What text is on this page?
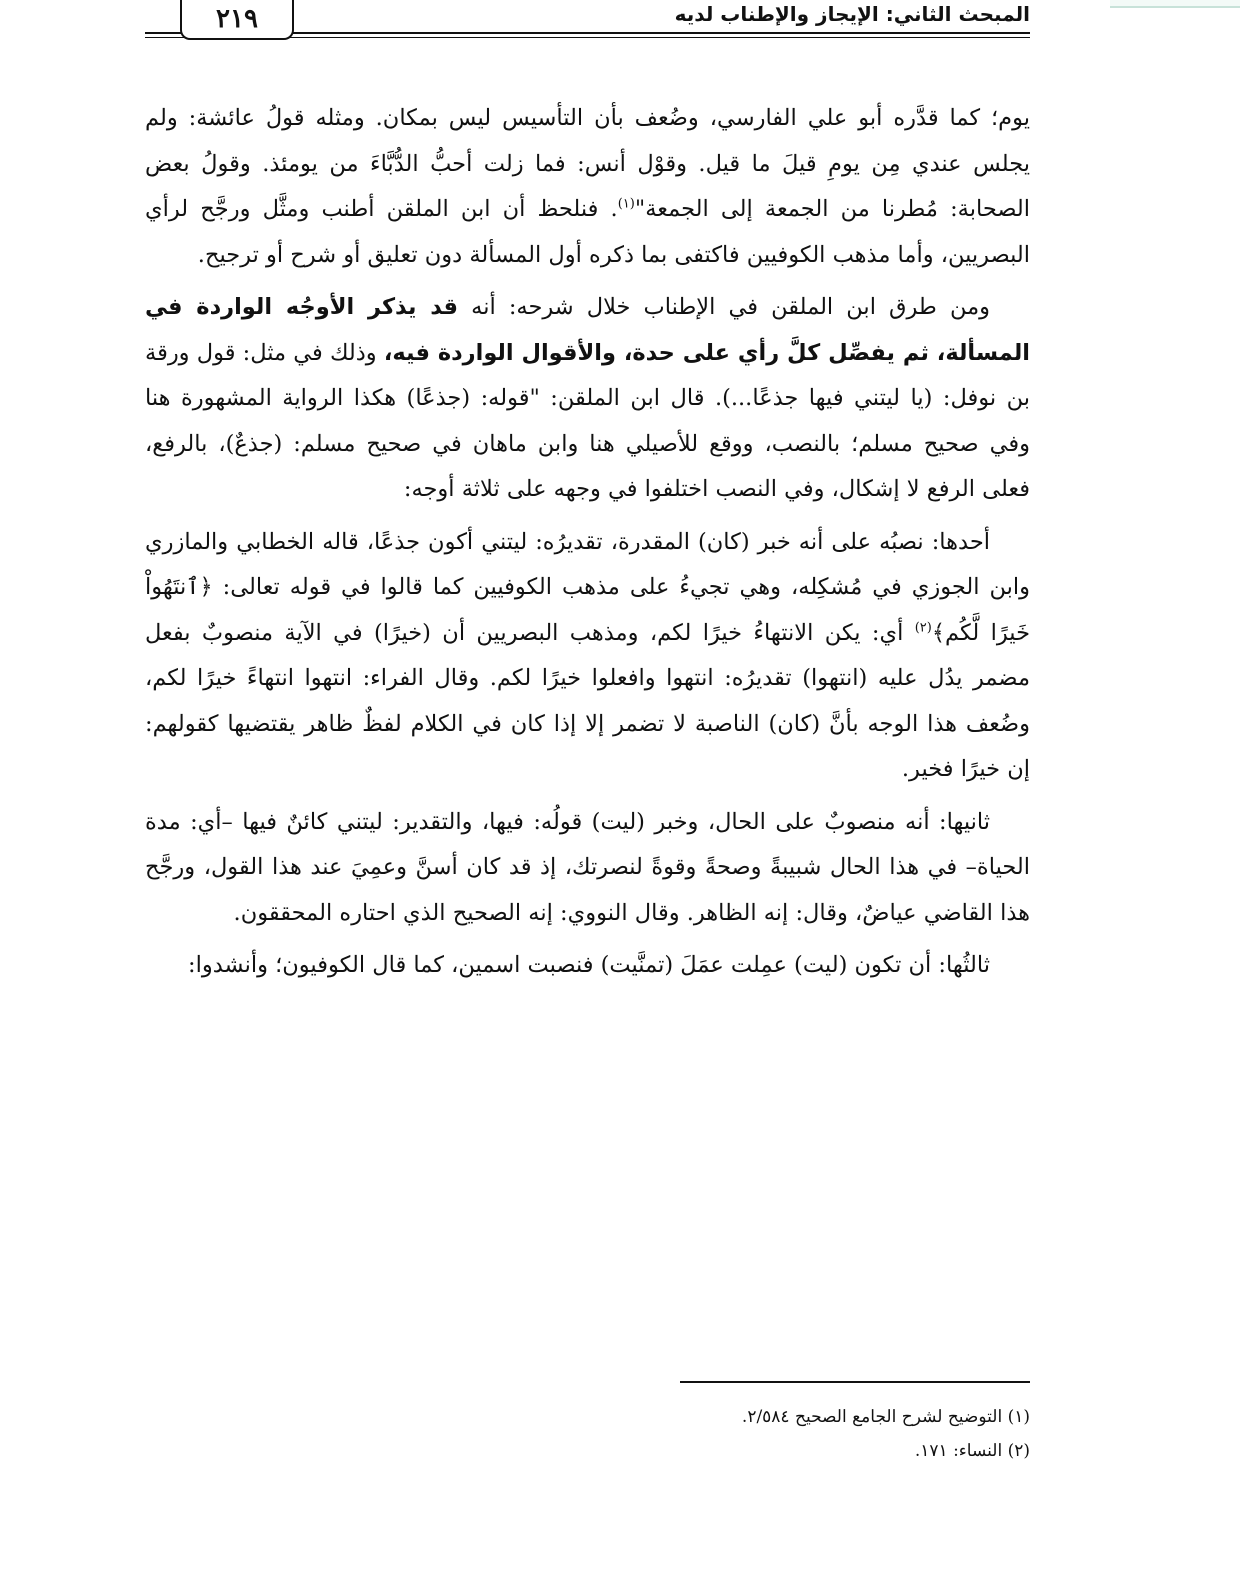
٢١٩	المبحث الثاني: الإيجاز والإطناب لديه

يوم؛ كما قدَّره أبو علي الفارسي، وضُعف بأن التأسيس ليس بمكان. ومثله قولُ عائشة: ولم يجلس عندي مِن يومِ قيلَ ما قيل. وقوْل أنس: فما زلت أحبُّ الدُّبَّاءَ من يومئذ. وقولُ بعض الصحابة: مُطرنا من الجمعة إلى الجمعة"$^{(١)}$. فنلحظ أن ابن الملقن أطنب ومثَّل ورجَّح لرأي البصريين، وأما مذهب الكوفيين فاكتفى بما ذكره أول المسألة دون تعليق أو شرح أو ترجيح.

ومن طرق ابن الملقن في الإطناب خلال شرحه: أنه قد يذكر الأوجُه الواردة في المسألة، ثم يفصِّل كلَّ رأي على حدة، والأقوال الواردة فيه، وذلك في مثل: قول ورقة بن نوفل: (يا ليتني فيها جذعًا...). قال ابن الملقن: "قوله: (جذعًا) هكذا الرواية المشهورة هنا وفي صحيح مسلم؛ بالنصب، ووقع للأصيلي هنا وابن ماهان في صحيح مسلم: (جذعٌ)، بالرفع، فعلى الرفع لا إشكال، وفي النصب اختلفوا في وجهه على ثلاثة أوجه:

أحدها: نصبُه على أنه خبر (كان) المقدرة، تقديرُه: ليتني أكون جذعًا، قاله الخطابي والمازري وابن الجوزي في مُشكِله، وهي تجيءُ على مذهب الكوفيين كما قالوا في قوله تعالى: ﴿ٱنتَهُواْ خَيرًا لَّكُم﴾$^{(٢)}$ أي: يكن الانتهاءُ خيرًا لكم، ومذهب البصريين أن (خيرًا) في الآية منصوبٌ بفعل مضمر يدُل عليه (انتهوا) تقديرُه: انتهوا وافعلوا خيرًا لكم. وقال الفراء: انتهوا انتهاءً خيرًا لكم، وضُعف هذا الوجه بأنَّ (كان) الناصبة لا تضمر إلا إذا كان في الكلام لفظٌ ظاهر يقتضيها كقولهم: إن خيرًا فخير.

ثانيها: أنه منصوبٌ على الحال، وخبر (ليت) قولُه: فيها، والتقدير: ليتني كائنٌ فيها –أي: مدة الحياة– في هذا الحال شبيبةً وصحةً وقوةً لنصرتك، إذ قد كان أسنَّ وعمِيَ عند هذا القول، ورجَّح هذا القاضي عياضٌ، وقال: إنه الظاهر. وقال النووي: إنه الصحيح الذي احتاره المحققون.

ثالثُها: أن تكون (ليت) عمِلت عمَلَ (تمنَّيت) فنصبت اسمين، كما قال الكوفيون؛ وأنشدوا:

(١) التوضيح لشرح الجامع الصحيح ٢/٥٨٤.

(٢) النساء: ١٧١.
